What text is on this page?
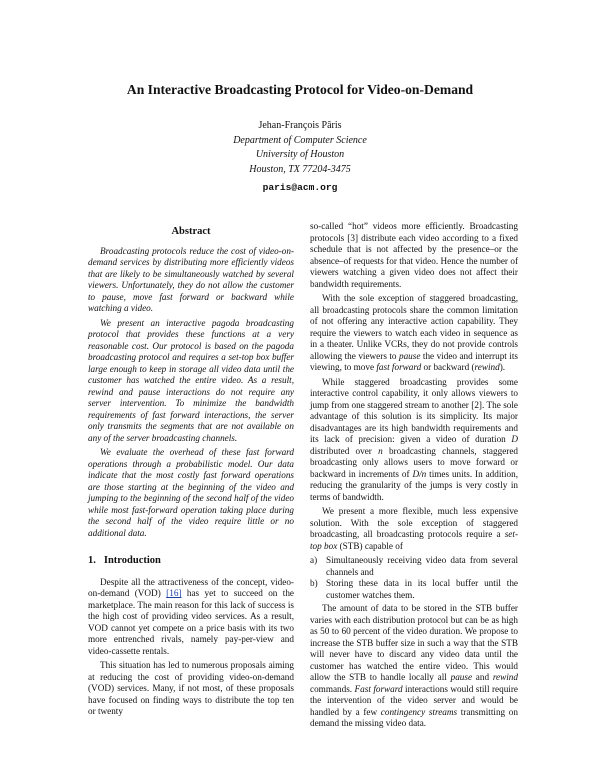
An Interactive Broadcasting Protocol for Video-on-Demand
Jehan-François Pâris
Department of Computer Science
University of Houston
Houston, TX 77204-3475
paris@acm.org
Abstract

Broadcasting protocols reduce the cost of video-on-demand services by distributing more efficiently videos that are likely to be simultaneously watched by several viewers. Unfortunately, they do not allow the customer to pause, move fast forward or backward while watching a video.

We present an interactive pagoda broadcasting protocol that provides these functions at a very reasonable cost. Our protocol is based on the pagoda broadcasting protocol and requires a set-top box buffer large enough to keep in storage all video data until the customer has watched the entire video. As a result, rewind and pause interactions do not require any server intervention. To minimize the bandwidth requirements of fast forward interactions, the server only transmits the segments that are not available on any of the server broadcasting channels.

We evaluate the overhead of these fast forward operations through a probabilistic model. Our data indicate that the most costly fast forward operations are those starting at the beginning of the video and jumping to the beginning of the second half of the video while most fast-forward operation taking place during the second half of the video require little or no additional data.

1. Introduction

Despite all the attractiveness of the concept, video-on-demand (VOD) [16] has yet to succeed on the marketplace. The main reason for this lack of success is the high cost of providing video services. As a result, VOD cannot yet compete on a price basis with its two more entrenched rivals, namely pay-per-view and video-cassette rentals.

This situation has led to numerous proposals aiming at reducing the cost of providing video-on-demand (VOD) services. Many, if not most, of these proposals have focused on finding ways to distribute the top ten or twenty

so-called “hot” videos more efficiently. Broadcasting protocols [3] distribute each video according to a fixed schedule that is not affected by the presence–or the absence–of requests for that video. Hence the number of viewers watching a given video does not affect their bandwidth requirements.

With the sole exception of staggered broadcasting, all broadcasting protocols share the common limitation of not offering any interactive action capability. They require the viewers to watch each video in sequence as in a theater. Unlike VCRs, they do not provide controls allowing the viewers to pause the video and interrupt its viewing, to move fast forward or backward (rewind).

While staggered broadcasting provides some interactive control capability, it only allows viewers to jump from one staggered stream to another [2]. The sole advantage of this solution is its simplicity. Its major disadvantages are its high bandwidth requirements and its lack of precision: given a video of duration D distributed over n broadcasting channels, staggered broadcasting only allows users to move forward or backward in increments of D/n times units. In addition, reducing the granularity of the jumps is very costly in terms of bandwidth.

We present a more flexible, much less expensive solution. With the sole exception of staggered broadcasting, all broadcasting protocols require a set-top box (STB) capable of

a) Simultaneously receiving video data from several channels and
b) Storing these data in its local buffer until the customer watches them.

The amount of data to be stored in the STB buffer varies with each distribution protocol but can be as high as 50 to 60 percent of the video duration. We propose to increase the STB buffer size in such a way that the STB will never have to discard any video data until the customer has watched the entire video. This would allow the STB to handle locally all pause and rewind commands. Fast forward interactions would still require the intervention of the video server and would be handled by a few contingency streams transmitting on demand the missing video data.
